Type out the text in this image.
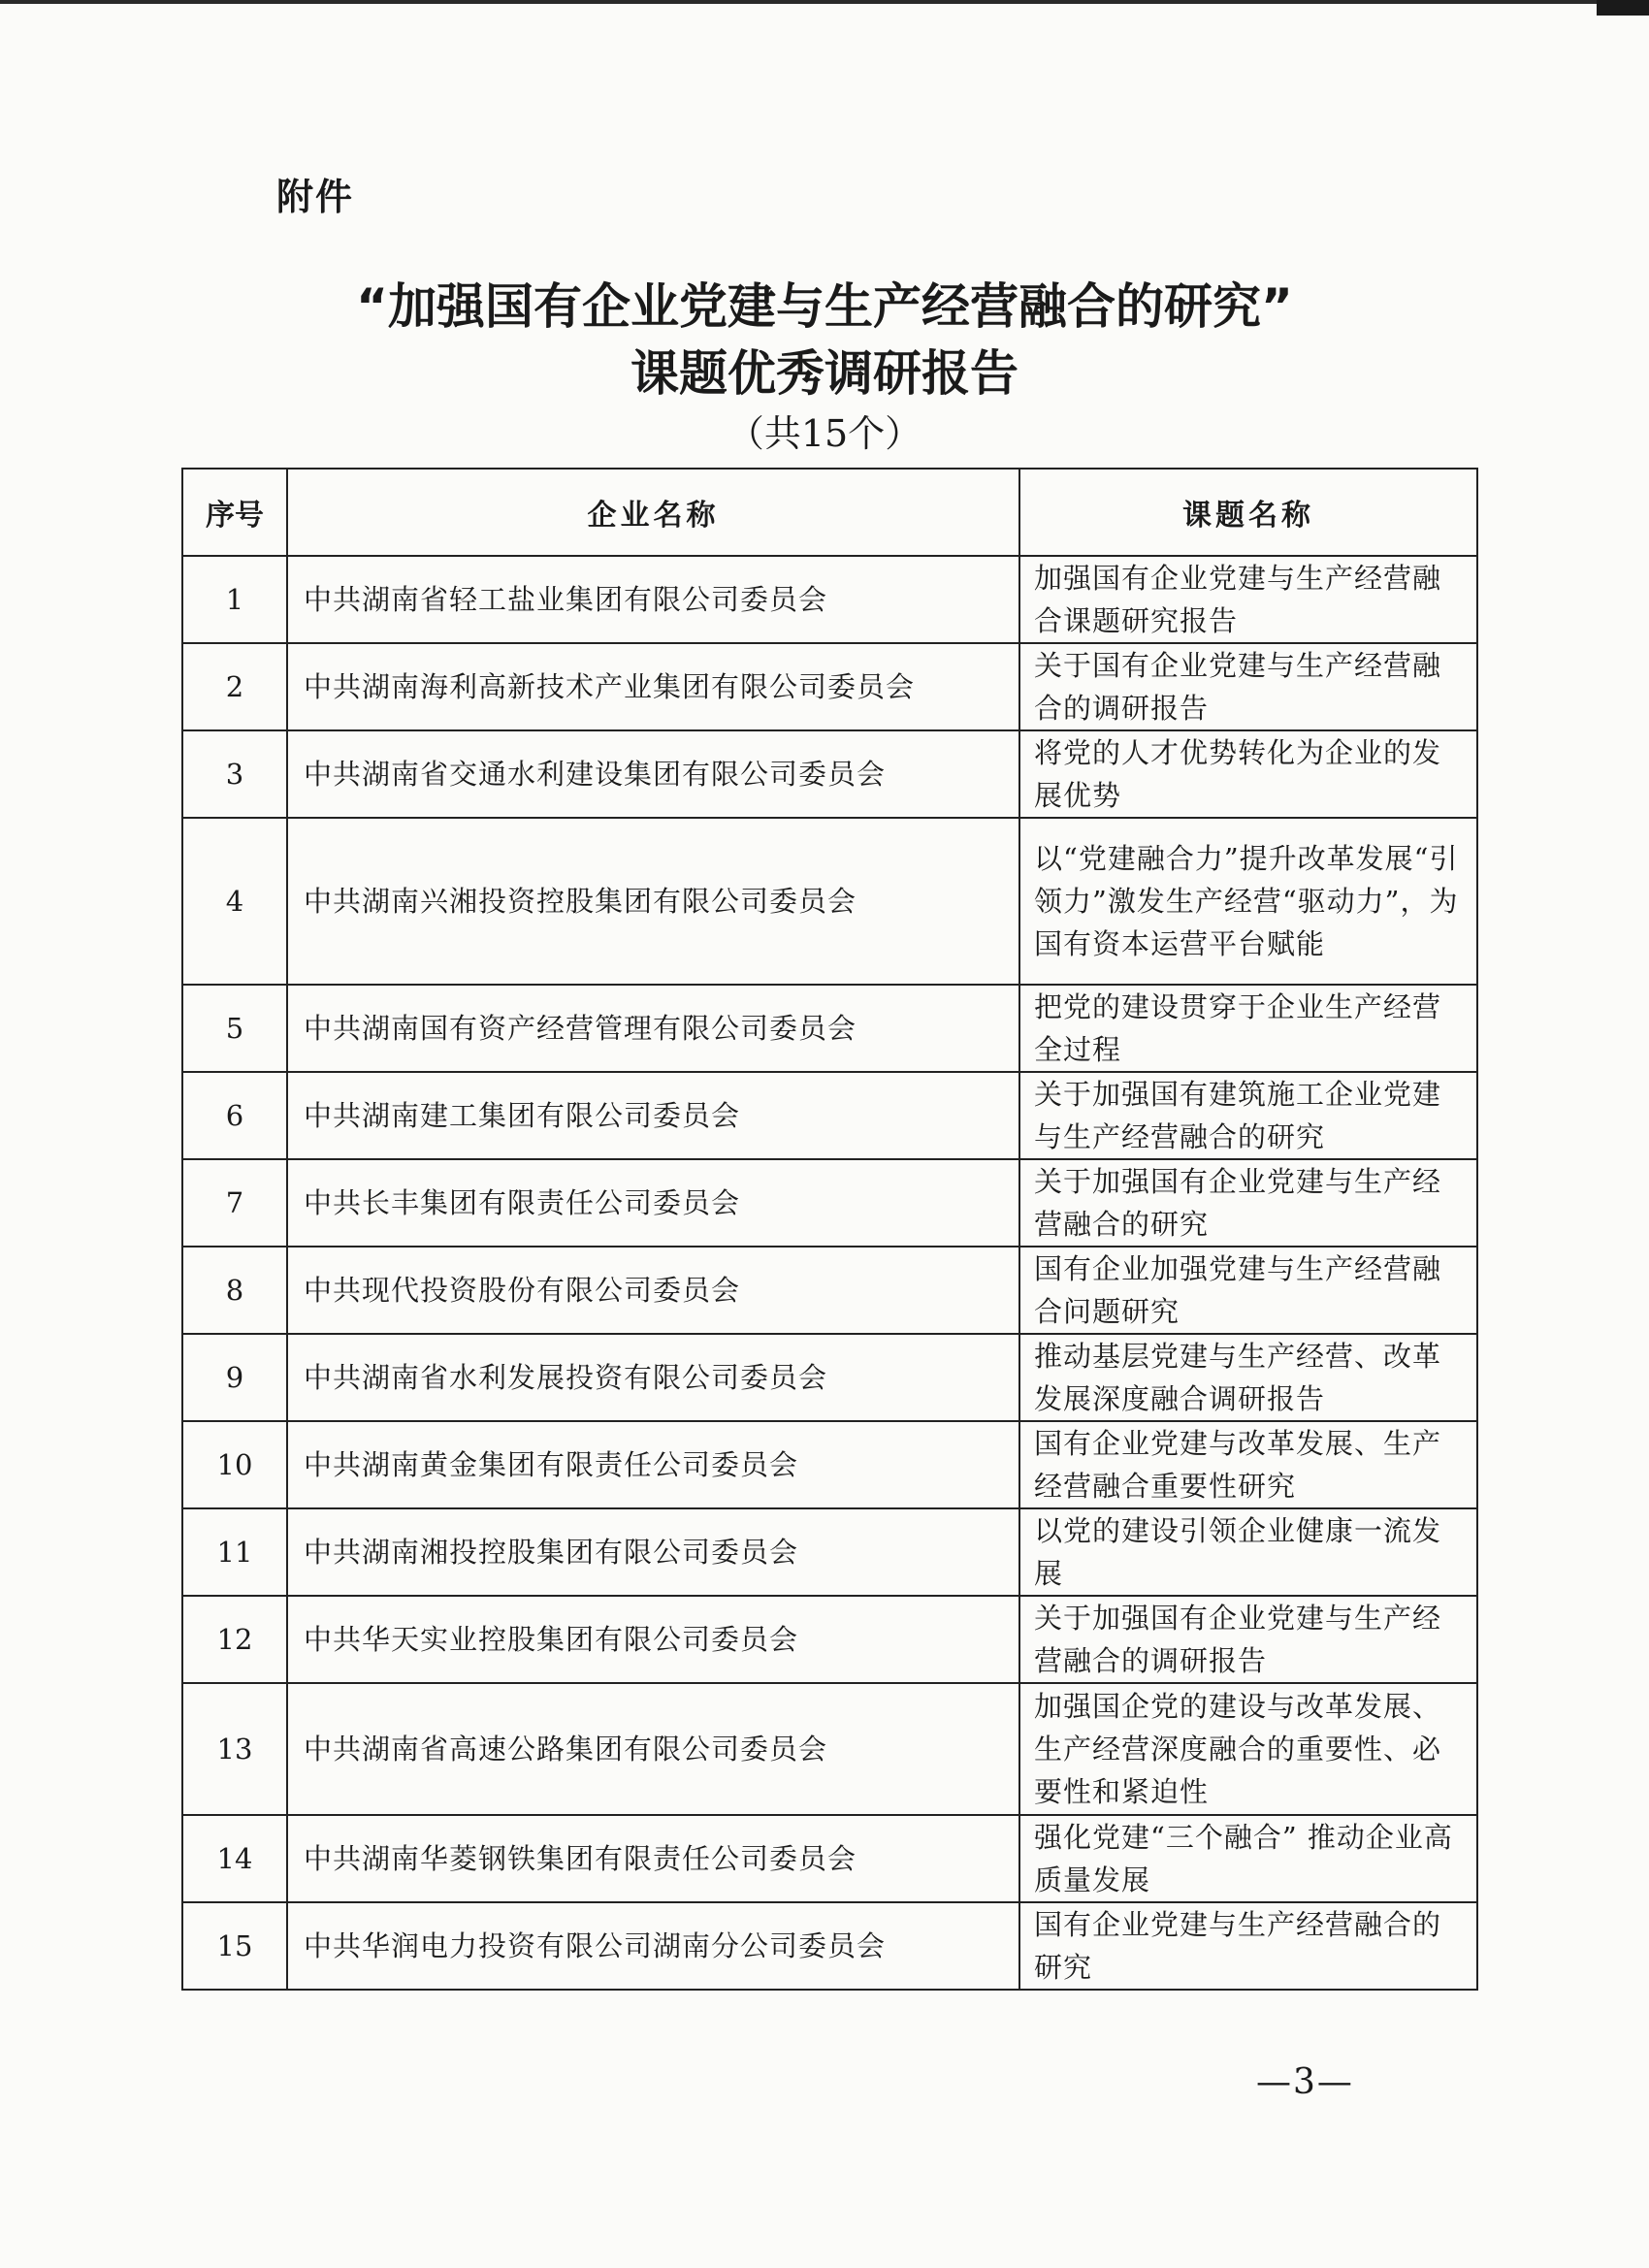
附件
“加强国有企业党建与生产经营融合的研究”
课题优秀调研报告
（共15个）
序号	企业名称	课题名称
1	中共湖南省轻工盐业集团有限公司委员会	加强国有企业党建与生产经营融合课题研究报告
2	中共湖南海利高新技术产业集团有限公司委员会	关于国有企业党建与生产经营融合的调研报告
3	中共湖南省交通水利建设集团有限公司委员会	将党的人才优势转化为企业的发展优势
4	中共湖南兴湘投资控股集团有限公司委员会	以“党建融合力”提升改革发展“引领力”激发生产经营“驱动力”，为国有资本运营平台赋能
5	中共湖南国有资产经营管理有限公司委员会	把党的建设贯穿于企业生产经营全过程
6	中共湖南建工集团有限公司委员会	关于加强国有建筑施工企业党建与生产经营融合的研究
7	中共长丰集团有限责任公司委员会	关于加强国有企业党建与生产经营融合的研究
8	中共现代投资股份有限公司委员会	国有企业加强党建与生产经营融合问题研究
9	中共湖南省水利发展投资有限公司委员会	推动基层党建与生产经营、改革发展深度融合调研报告
10	中共湖南黄金集团有限责任公司委员会	国有企业党建与改革发展、生产经营融合重要性研究
11	中共湖南湘投控股集团有限公司委员会	以党的建设引领企业健康一流发展
12	中共华天实业控股集团有限公司委员会	关于加强国有企业党建与生产经营融合的调研报告
13	中共湖南省高速公路集团有限公司委员会	加强国企党的建设与改革发展、生产经营深度融合的重要性、必要性和紧迫性
14	中共湖南华菱钢铁集团有限责任公司委员会	强化党建“三个融合” 推动企业高质量发展
15	中共华润电力投资有限公司湖南分公司委员会	国有企业党建与生产经营融合的研究
—3—
